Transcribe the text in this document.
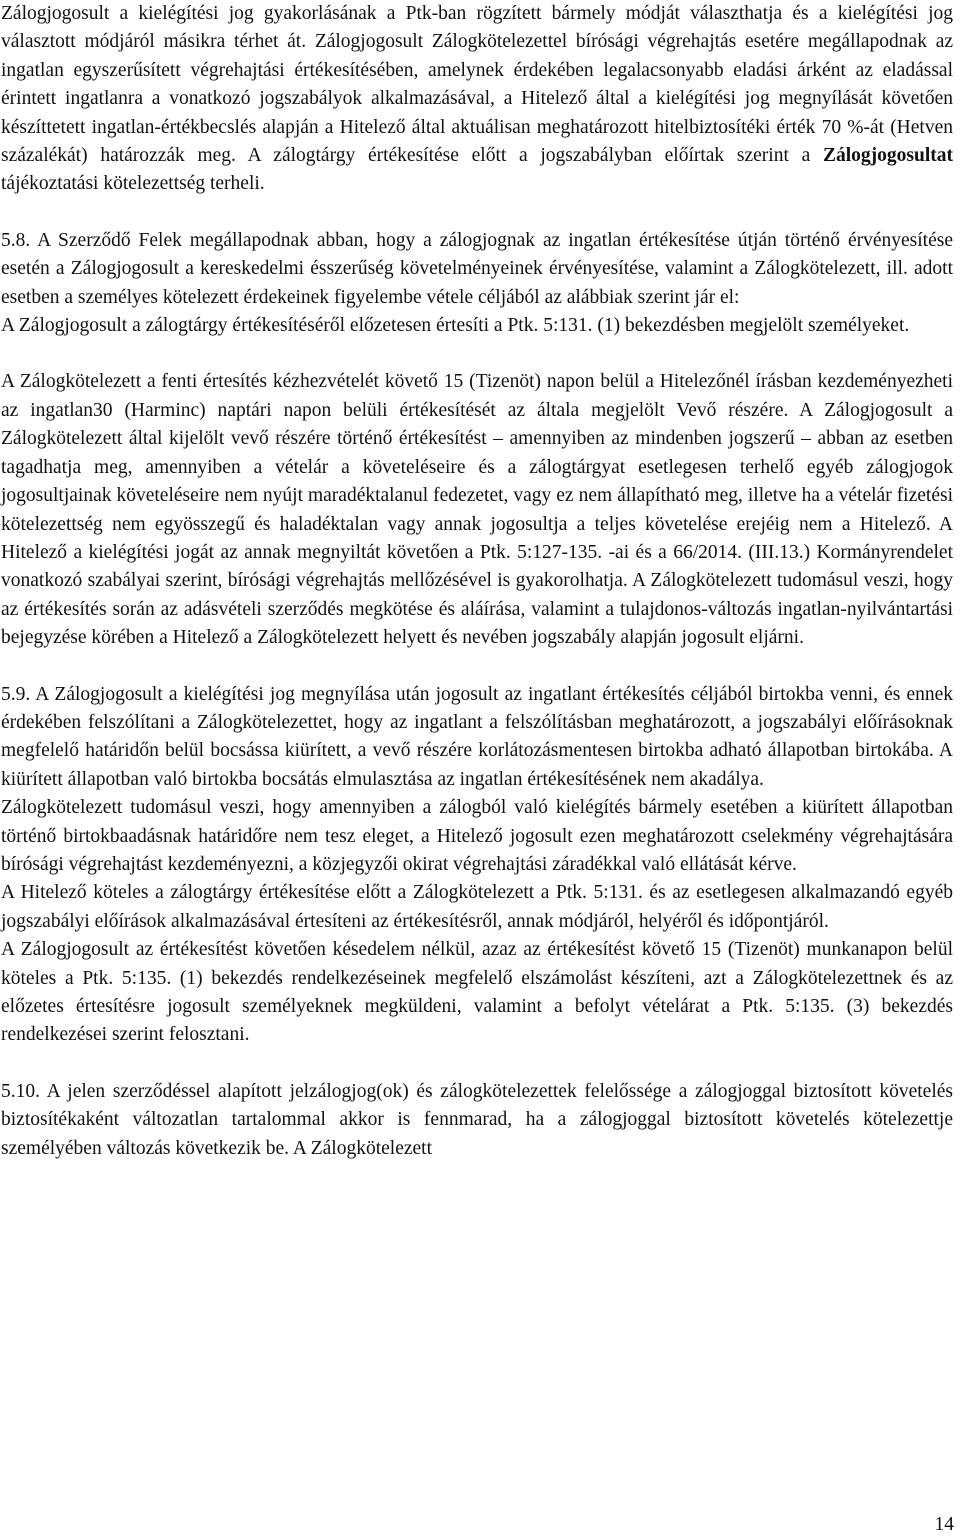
Zálogjogosult a kielégítési jog gyakorlásának a Ptk-ban rögzített bármely módját választhatja és a kielégítési jog választott módjáról másikra térhet át. Zálogjogosult Zálogkötelezettel bírósági végrehajtás esetére megállapodnak az ingatlan egyszerűsített végrehajtási értékesítésében, amelynek érdekében legalacsonyabb eladási árként az eladással érintett ingatlanra a vonatkozó jogszabályok alkalmazásával, a Hitelező által a kielégítési jog megnyílását követően készíttetett ingatlan-értékbecslés alapján a Hitelező által aktuálisan meghatározott hitelbiztosítéki érték 70 %-át (Hetven százalékát) határozzák meg. A zálogtárgy értékesítése előtt a jogszabályban előírtak szerint a Zálogjogosultat tájékoztatási kötelezettség terheli.

5.8. A Szerződő Felek megállapodnak abban, hogy a zálogjognak az ingatlan értékesítése útján történő érvényesítése esetén a Zálogjogosult a kereskedelmi ésszerűség követelményeinek érvényesítése, valamint a Zálogkötelezett, ill. adott esetben a személyes kötelezett érdekeinek figyelembe vétele céljából az alábbiak szerint jár el:

A Zálogjogosult a zálogtárgy értékesítéséről előzetesen értesíti a Ptk. 5:131. (1) bekezdésben megjelölt személyeket.

A Zálogkötelezett a fenti értesítés kézhezvételét követő 15 (Tizenöt) napon belül a Hitelezőnél írásban kezdeményezheti az ingatlan30 (Harminc) naptári napon belüli értékesítését az általa megjelölt Vevő részére. A Zálogjogosult a Zálogkötelezett által kijelölt vevő részére történő értékesítést – amennyiben az mindenben jogszerű – abban az esetben tagadhatja meg, amennyiben a vételár a követeléseire és a zálogtárgyat esetlegesen terhelő egyéb zálogjogok jogosultjainak követeléseire nem nyújt maradéktalanul fedezetet, vagy ez nem állapítható meg, illetve ha a vételár fizetési kötelezettség nem egyösszegű és haladéktalan vagy annak jogosultja a teljes követelése erejéig nem a Hitelező. A Hitelező a kielégítési jogát az annak megnyiltát követően a Ptk. 5:127-135. -ai és a 66/2014. (III.13.) Kormányrendelet vonatkozó szabályai szerint, bírósági végrehajtás mellőzésével is gyakorolhatja. A Zálogkötelezett tudomásul veszi, hogy az értékesítés során az adásvételi szerződés megkötése és aláírása, valamint a tulajdonos-változás ingatlan-nyilvántartási bejegyzése körében a Hitelező a Zálogkötelezett helyett és nevében jogszabály alapján jogosult eljárni.

5.9. A Zálogjogosult a kielégítési jog megnyílása után jogosult az ingatlant értékesítés céljából birtokba venni, és ennek érdekében felszólítani a Zálogkötelezettet, hogy az ingatlant a felszólításban meghatározott, a jogszabályi előírásoknak megfelelő határidőn belül bocsássa kiürített, a vevő részére korlátozásmentesen birtokba adható állapotban birtokába. A kiürített állapotban való birtokba bocsátás elmulasztása az ingatlan értékesítésének nem akadálya.

Zálogkötelezett tudomásul veszi, hogy amennyiben a zálogból való kielégítés bármely esetében a kiürített állapotban történő birtokbaadásnak határidőre nem tesz eleget, a Hitelező jogosult ezen meghatározott cselekmény végrehajtására bírósági végrehajtást kezdeményezni, a közjegyzői okirat végrehajtási záradékkal való ellátását kérve.

A Hitelező köteles a zálogtárgy értékesítése előtt a Zálogkötelezett a Ptk. 5:131. és az esetlegesen alkalmazandó egyéb jogszabályi előírások alkalmazásával értesíteni az értékesítésről, annak módjáról, helyéről és időpontjáról.

A Zálogjogosult az értékesítést követően késedelem nélkül, azaz az értékesítést követő 15 (Tizenöt) munkanapon belül köteles a Ptk. 5:135. (1) bekezdés rendelkezéseinek megfelelő elszámolást készíteni, azt a Zálogkötelezettnek és az előzetes értesítésre jogosult személyeknek megküldeni, valamint a befolyt vételárat a Ptk. 5:135. (3) bekezdés rendelkezései szerint felosztani.

5.10. A jelen szerződéssel alapított jelzálogjog(ok) és zálogkötelezettek felelőssége a zálogjoggal biztosított követelés biztosítékaként változatlan tartalommal akkor is fennmarad, ha a zálogjoggal biztosított követelés kötelezettje személyében változás következik be. A Zálogkötelezett

14
